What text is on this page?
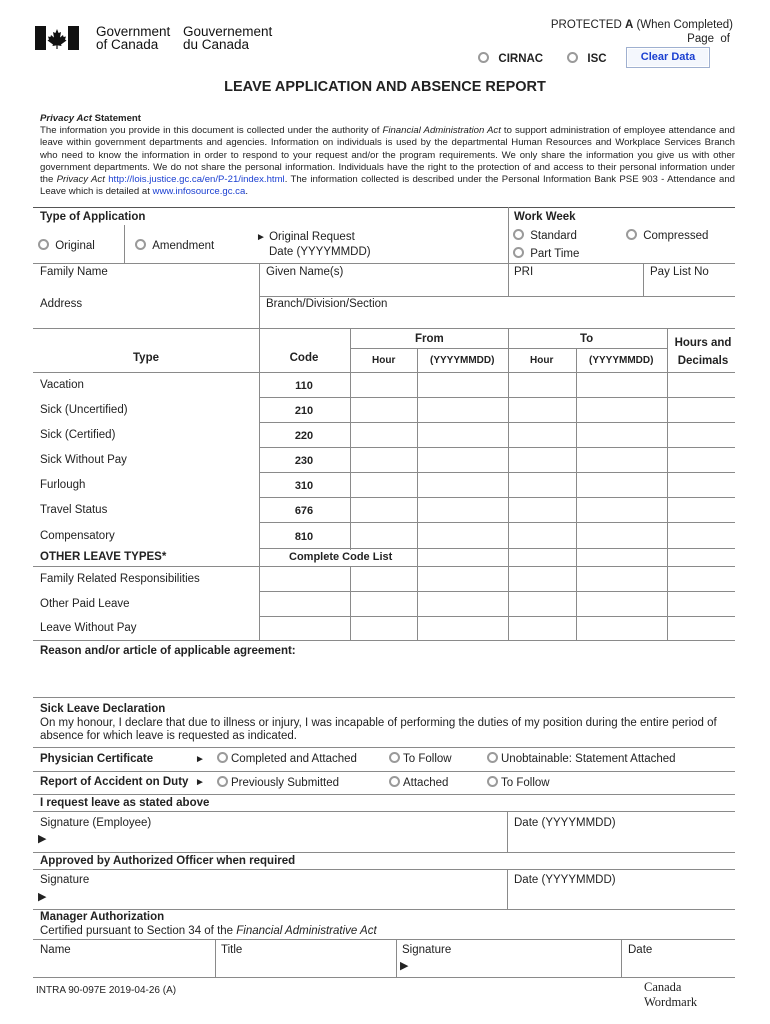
Government
of Canada
Gouvernement
du Canada
PROTECTED A (When Completed)
Page of
CIRNAC	ISC	Clear Data
LEAVE APPLICATION AND ABSENCE REPORT

Privacy Act Statement

The information you provide in this document is collected under the authority of Financial Administration Act to support administration of employee attendance and leave within government departments and agencies. Information on individuals is used by the departmental Human Resources and Workplace Services Branch who need to know the information in order to respond to your request and/or the program requirements. We only share the information you give us with other government departments. We do not share the personal information. Individuals have the right to the protection of and access to their personal information under the Privacy Act http://lois.justice.gc.ca/en/P-21/index.html. The information collected is described under the Personal Information Bank PSE 903 - Attendance and Leave which is detailed at www.infosource.gc.ca.

Type of Application	Work Week
Original	Amendment
► Original Request
Date (YYYYMMDD)
Standard	Compressed
Part Time
Family Name	Given Name(s)	PRI	Pay List No
Address	Branch/Division/Section
Type	Code
From	To
Hour	(YYYYMMDD)	Hour	(YYYYMMDD)
Hours and
Decimals
Vacation	110
Sick (Uncertified)	210
Sick (Certified)	220
Sick Without Pay	230
Furlough	310
Travel Status	676
Compensatory	810
OTHER LEAVE TYPES*	Complete Code List
Family Related Responsibilities
Other Paid Leave
Leave Without Pay
Reason and/or article of applicable agreement:
Sick Leave Declaration
On my honour, I declare that due to illness or injury, I was incapable of performing the duties of my position during the entire period of
absence for which leave is requested as indicated.
Physician Certificate	►	Completed and Attached	To Follow	Unobtainable: Statement Attached
Report of Accident on Duty ►	Previously Submitted	Attached	To Follow
I request leave as stated above
Signature (Employee)
▶
Date (YYYYMMDD)
Approved by Authorized Officer when required
Signature
▶
Date (YYYYMMDD)
Manager Authorization
Certified pursuant to Section 34 of the Financial Administrative Act
Name	Title	Signature
▶
Date
INTRA 90-097E 2019-04-26 (A)	Canada
Wordmark
